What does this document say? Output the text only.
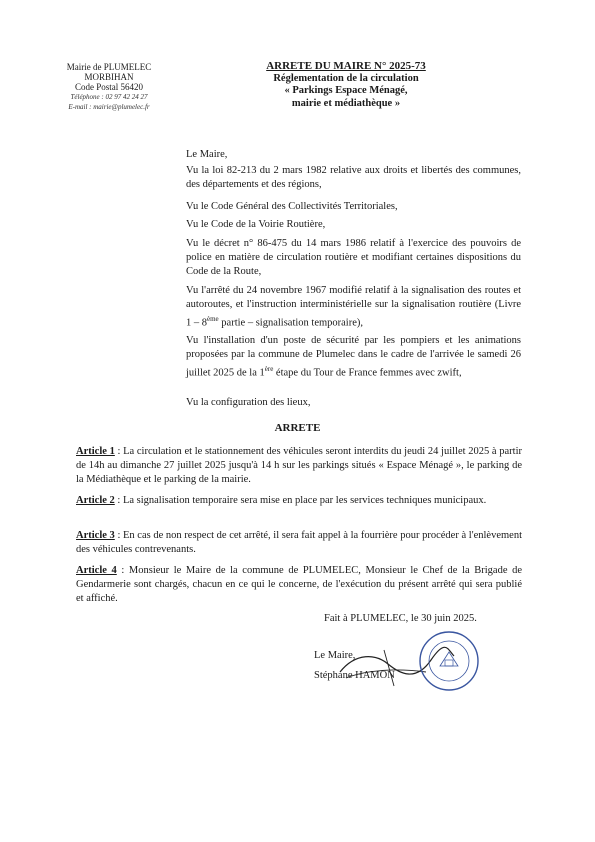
Mairie de PLUMELEC
MORBIHAN
Code Postal 56420
Téléphone : 02 97 42 24 27
E-mail : mairie@plumelec.fr
ARRETE DU MAIRE N° 2025-73
Réglementation de la circulation
« Parkings Espace Ménagé,
mairie et médiathèque »
Le Maire,
Vu la loi 82-213 du 2 mars 1982 relative aux droits et libertés des communes, des départements et des régions,
Vu le Code Général des Collectivités Territoriales,
Vu le Code de la Voirie Routière,
Vu le décret n° 86-475 du 14 mars 1986 relatif à l'exercice des pouvoirs de police en matière de circulation routière et modifiant certaines dispositions du Code de la Route,
Vu l'arrêté du 24 novembre 1967 modifié relatif à la signalisation des routes et autoroutes, et l'instruction interministérielle sur la signalisation routière (Livre 1 – 8ème partie – signalisation temporaire),
Vu l'installation d'un poste de sécurité par les pompiers et les animations proposées par la commune de Plumelec dans le cadre de l'arrivée le samedi 26 juillet 2025 de la 1ère étape du Tour de France femmes avec zwift,
Vu la configuration des lieux,
ARRETE
Article 1 : La circulation et le stationnement des véhicules seront interdits du jeudi 24 juillet 2025 à partir de 14h au dimanche 27 juillet 2025 jusqu'à 14 h sur les parkings situés « Espace Ménagé », le parking de la Médiathèque et le parking de la mairie.
Article 2 : La signalisation temporaire sera mise en place par les services techniques municipaux.
Article 3 : En cas de non respect de cet arrêté, il sera fait appel à la fourrière pour procéder à l'enlèvement des véhicules contrevenants.
Article 4 : Monsieur le Maire de la commune de PLUMELEC, Monsieur le Chef de la Brigade de Gendarmerie sont chargés, chacun en ce qui le concerne, de l'exécution du présent arrêté qui sera publié et affiché.
Fait à PLUMELEC, le 30 juin 2025.
Le Maire,
Stéphane HAMON
